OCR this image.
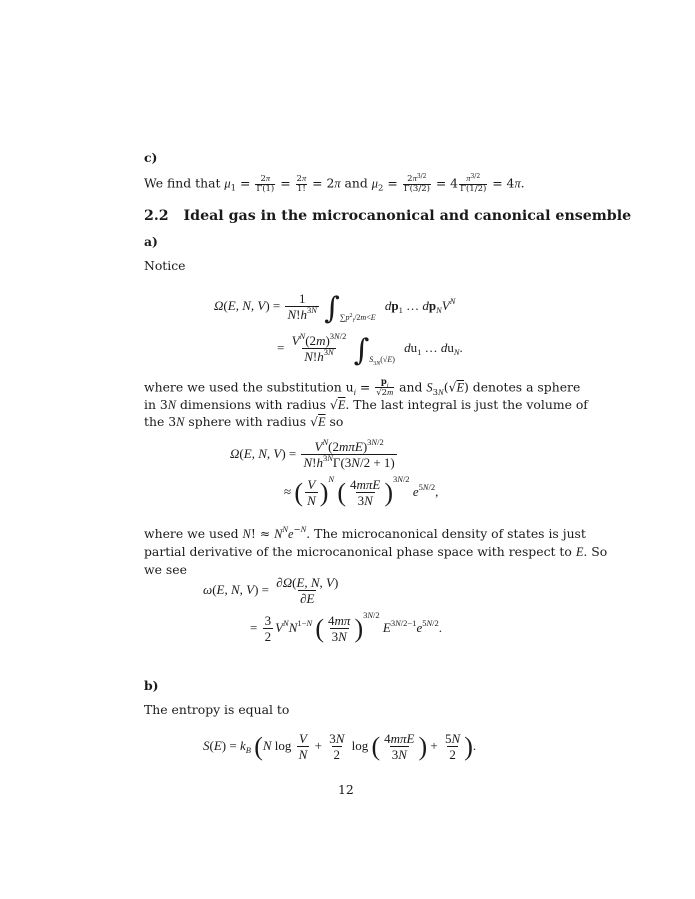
c)
We find that $\mu_1 = \frac{2\pi}{\Gamma(1)} = \frac{2\pi}{1!} = 2\pi$ and $\mu_2 = \frac{2\pi^{3/2}}{\Gamma(3/2)} = 4 \frac{\pi^{3/2}}{\Gamma(1/2)} = 4\pi$.
2.2 Ideal gas in the microcanonical and canonical ensemble
a)
Notice
Ω(E, N, $V) = \frac{1}{N!h^{3N}} \int_{\sum p^2_i/2m<E}$ $dp_1$ … $dp_NV^N$
= $\frac{V^N(2m)^{3N/2}}{N!h^{3N}} \int_{S_{3N}(√E)}$ $du_1$ … $du_N$.
where we used the substitution $u_i = \frac{p_i}{√2m}$ and $S_{3N}(√E)$ denotes a sphere
in 3N dimensions with radius √E. The last integral is just the volume of
the 3N sphere with radius √E so
Ω(E, N, $V) = \frac{V^N(2m\pi E)^{3N/2}}{N!h^{3N}\Gamma(3N/2 + 1)}$
≈ ( $\frac{V}{N} )^N$ ( $\frac{\text{4mπE}}{3N} )^{3N/2}$ $e^{5N/2}$,
where we used N! ≈ $N^Ne^{-N}$. The microcanonical density of states is just
partial derivative of the microcanonical phase space with respect to E. So
we see
ω(E, N, $V) = \frac{\partial\Omega(E, N, V)}{\partial E}$
= $\frac{3}{2} V^NN^{1-N}$ ( $\frac{4m\pi}{3N} )^{3N/2}$ $E^{3N/2-1}e^{5N/2}$.
b)
The entropy is equal to
$S(E) = k_B$ (N $\log \frac{V}{N} + \frac{3N}{2}$ log ( $\frac{\text{4mπE}}{3N}$ ) + $\frac{5N}{2}$ ).
12
